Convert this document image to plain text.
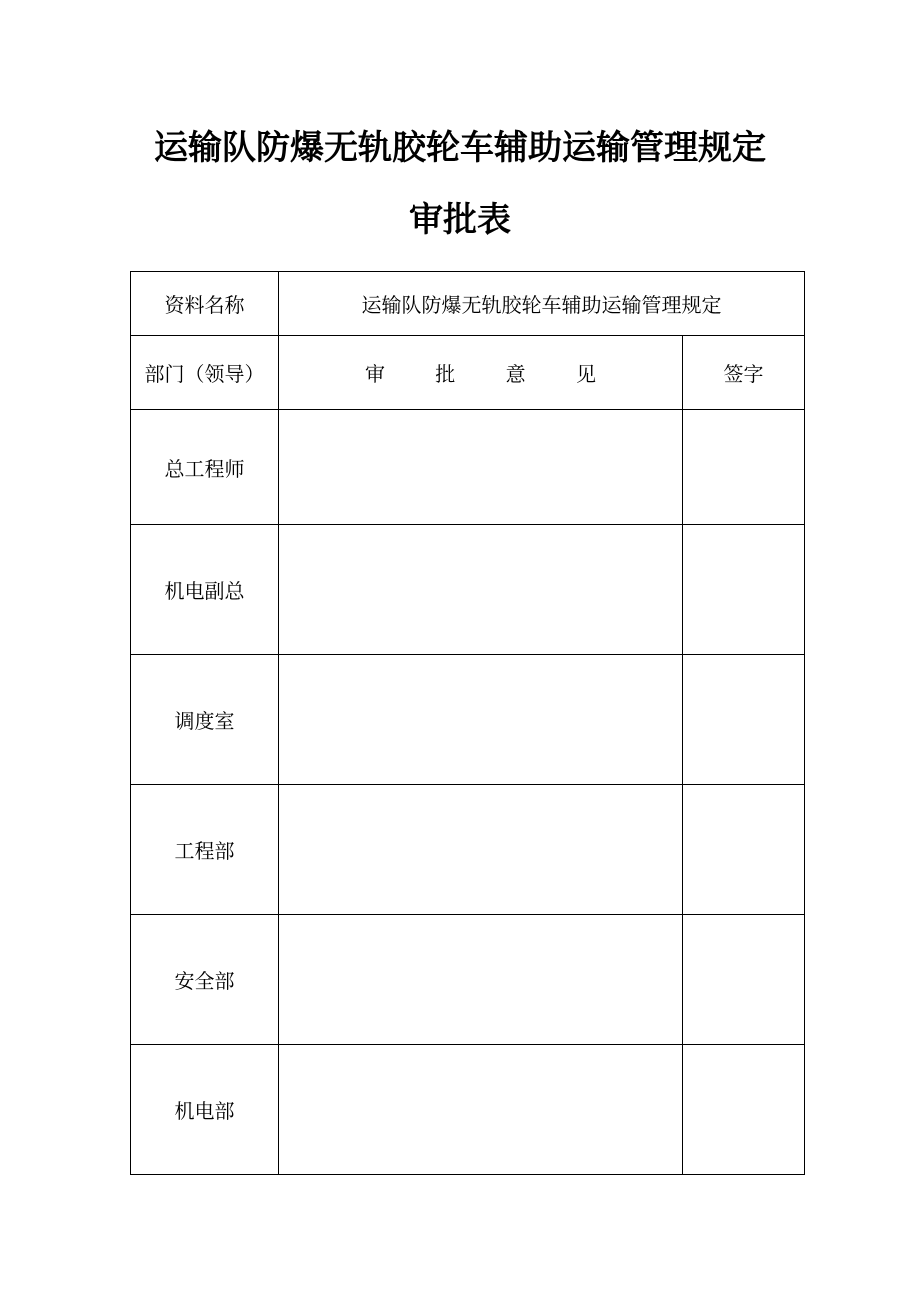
运输队防爆无轨胶轮车辅助运输管理规定
审批表
资料名称	运输队防爆无轨胶轮车辅助运输管理规定	
部门（领导）	审 批 意 见	签字
总工程师		
机电副总		
调度室		
工程部		
安全部		
机电部		
